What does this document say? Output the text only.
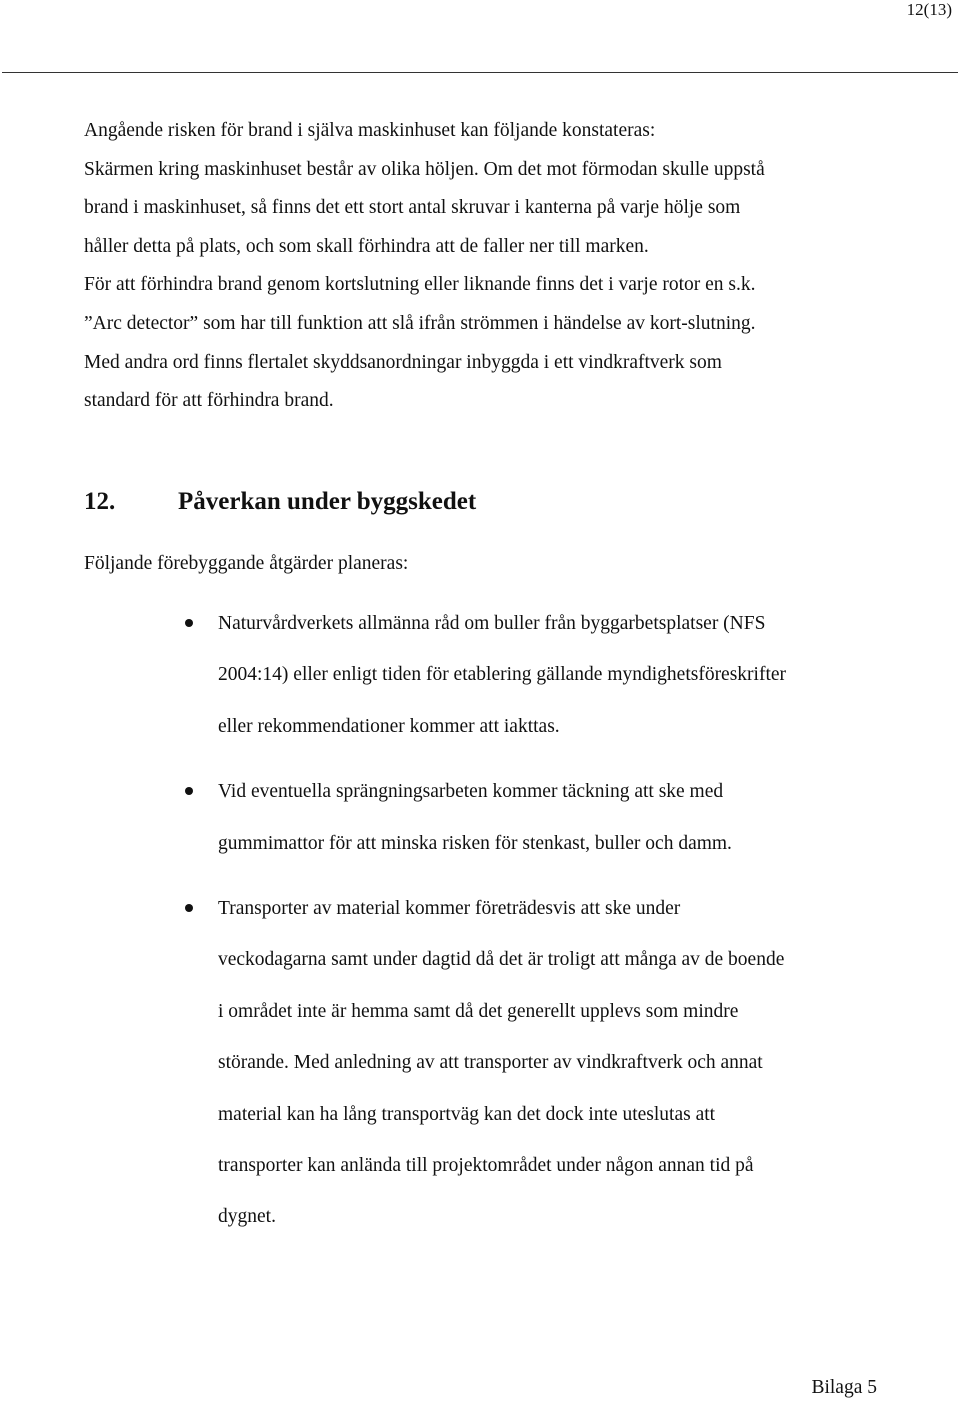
12(13)
Angående risken för brand i själva maskinhuset kan följande konstateras:
Skärmen kring maskinhuset består av olika höljen. Om det mot förmodan skulle uppstå
brand i maskinhuset, så finns det ett stort antal skruvar i kanterna på varje hölje som
håller detta på plats, och som skall förhindra att de faller ner till marken.
För att förhindra brand genom kortslutning eller liknande finns det i varje rotor en s.k.
”Arc detector” som har till funktion att slå ifrån strömmen i händelse av kort-slutning.
Med andra ord finns flertalet skyddsanordningar inbyggda i ett vindkraftverk som
standard för att förhindra brand.
12.	Påverkan under byggskedet
Följande förebyggande åtgärder planeras:
Naturvårdverkets allmänna råd om buller från byggarbetsplatser (NFS
2004:14) eller enligt tiden för etablering gällande myndighetsföreskrifter
eller rekommendationer kommer att iakttas.
Vid eventuella sprängningsarbeten kommer täckning att ske med
gummimattor för att minska risken för stenkast, buller och damm.
Transporter av material kommer företrädesvis att ske under
veckodagarna samt under dagtid då det är troligt att många av de boende
i området inte är hemma samt då det generellt upplevs som mindre
störande. Med anledning av att transporter av vindkraftverk och annat
material kan ha lång transportväg kan det dock inte uteslutas att
transporter kan anlända till projektområdet under någon annan tid på
dygnet.
Bilaga 5
